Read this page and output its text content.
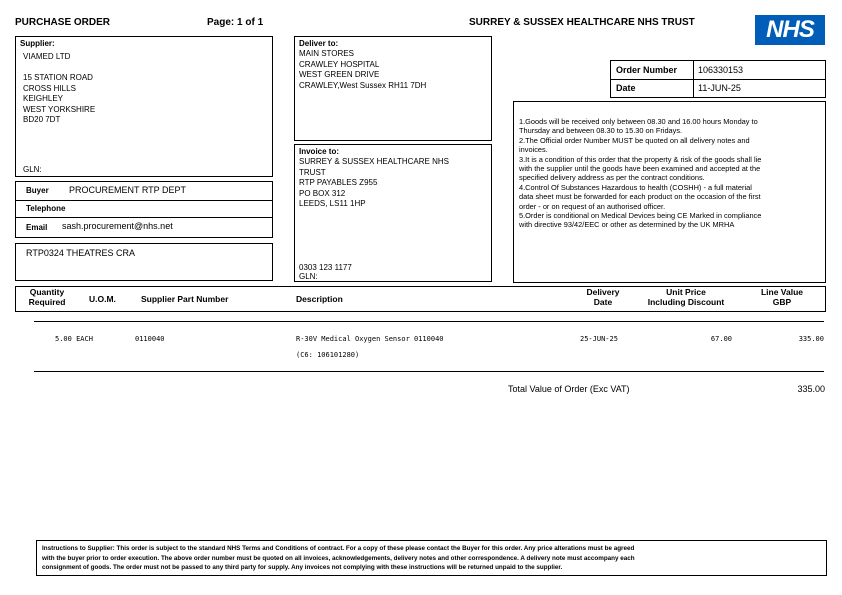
PURCHASE ORDER	Page: 1 of 1	SURREY & SUSSEX HEALTHCARE NHS TRUST	NHS
Supplier:
VIAMED LTD
15 STATION ROAD
CROSS HILLS
KEIGHLEY
WEST YORKSHIRE
BD20 7DT
GLN:
Buyer PROCUREMENT RTP DEPT
Telephone
Email sash.procurement@nhs.net
RTP0324 THEATRES CRA
Deliver to:
MAIN STORES
CRAWLEY HOSPITAL
WEST GREEN DRIVE
CRAWLEY,West Sussex RH11 7DH
Invoice to:
SURREY & SUSSEX HEALTHCARE NHS
TRUST
RTP PAYABLES Z955
PO BOX 312
LEEDS, LS11 1HP
0303 123 1177
GLN:
Order Number 106330153
Date	11-JUN-25
1.Goods will be received only between 08.30 and 16.00 hours Monday to
Thursday and between 08.30 to 15.30 on Fridays.
2.The Official order Number MUST be quoted on all delivery notes and
invoices.
3.It is a condition of this order that the property & risk of the goods shall lie
with the supplier until the goods have been examined and accepted at the
specified delivery address as per the contract conditions.
4.Control Of Substances Hazardous to health (COSHH) - a full material
data sheet must be forwarded for each product on the occasion of the first
order - or on request of an authorised officer.
5.Order is conditional on Medical Devices being CE Marked in compliance
with directive 93/42/EEC or other as determined by the UK MRHA
Quantity
Required	U.O.M.	Supplier Part Number	Description
Delivery
Date
Unit Price
Including Discount
Line Value
GBP
5.00 EACH	0110040	R-30V Medical Oxygen Sensor 0110040
(C6: 106101280)
25-JUN-25	67.00	335.00
Total Value of Order (Exc VAT)	335.00
Instructions to Supplier: This order is subject to the standard NHS Terms and Conditions of contract. For a copy of these please contact the Buyer for this order. Any price alterations must be agreed
with the buyer prior to order execution. The above order number must be quoted on all invoices, acknowledgements, delivery notes and other correspondence. A delivery note must accompany each
consignment of goods. The order must not be passed to any third party for supply. Any invoices not complying with these instructions will be returned unpaid to the supplier.
